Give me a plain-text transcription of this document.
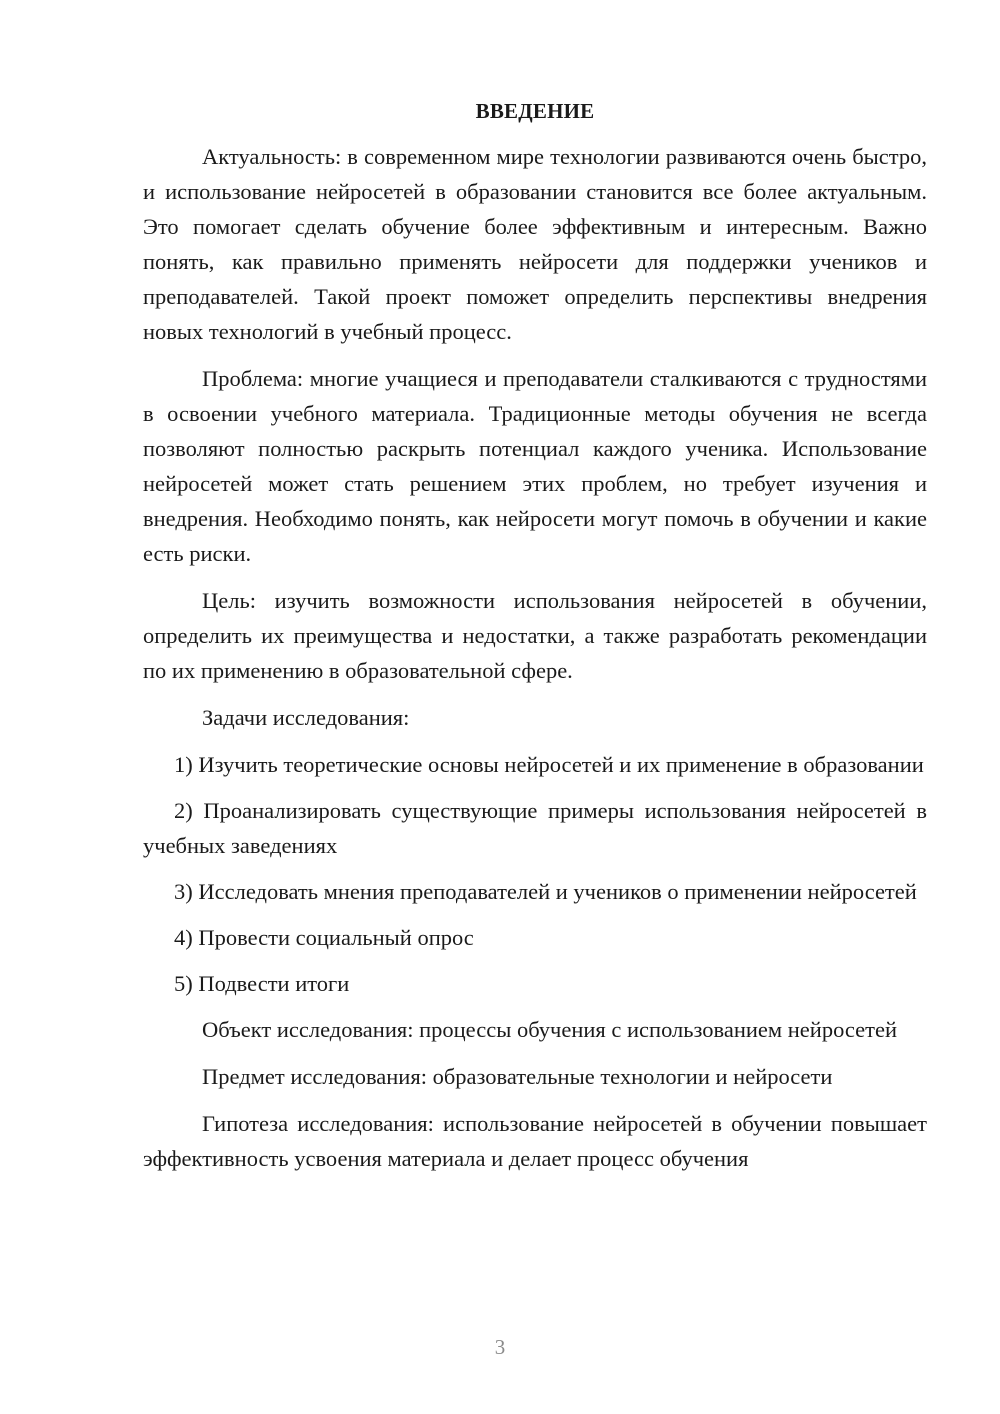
ВВЕДЕНИЕ

Актуальность: в современном мире технологии развиваются очень быстро, и использование нейросетей в образовании становится все более актуальным. Это помогает сделать обучение более эффективным и интересным. Важно понять, как правильно применять нейросети для поддержки учеников и преподавателей. Такой проект поможет определить перспективы внедрения новых технологий в учебный процесс.

Проблема: многие учащиеся и преподаватели сталкиваются с трудностями в освоении учебного материала. Традиционные методы обучения не всегда позволяют полностью раскрыть потенциал каждого ученика. Использование нейросетей может стать решением этих проблем, но требует изучения и внедрения. Необходимо понять, как нейросети могут помочь в обучении и какие есть риски.

Цель: изучить возможности использования нейросетей в обучении, определить их преимущества и недостатки, а также разработать рекомендации по их применению в образовательной сфере.

Задачи исследования:

1) Изучить теоретические основы нейросетей и их применение в образовании

2) Проанализировать существующие примеры использования нейросетей в учебных заведениях

3) Исследовать мнения преподавателей и учеников о применении нейросетей

4) Провести социальный опрос

5) Подвести итоги

Объект исследования: процессы обучения с использованием нейросетей

Предмет исследования: образовательные технологии и нейросети

Гипотеза исследования: использование нейросетей в обучении повышает эффективность усвоения материала и делает процесс обучения

3
